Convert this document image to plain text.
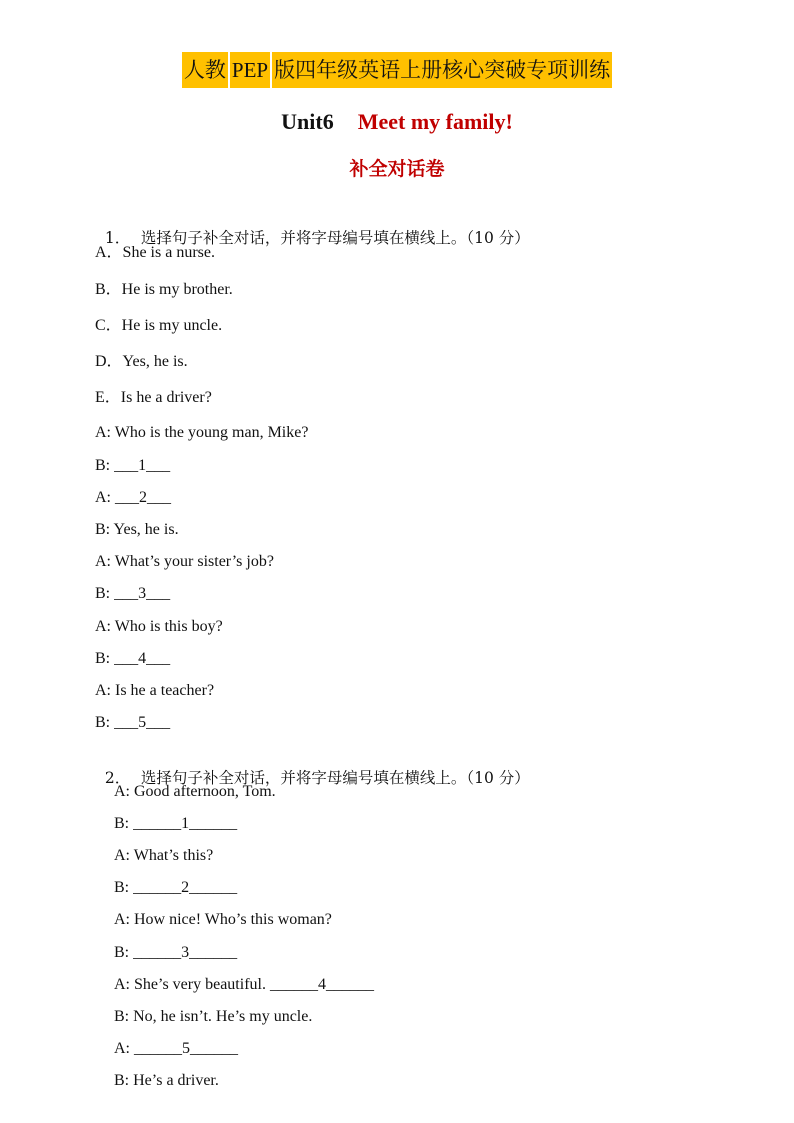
人教 PEP 版四年级英语上册核心突破专项训练
Unit6 Meet my family!
补全对话卷

1． 选择句子补全对话，并将字母编号填在横线上。（10 分）

A．She is a nurse.
B．He is my brother.
C．He is my uncle.
D．Yes, he is.
E．Is he a driver?
A: Who is the young man, Mike?
B: ___1___
A: ___2___
B: Yes, he is.
A: What’s your sister’s job?
B: ___3___
A: Who is this boy?
B: ___4___
A: Is he a teacher?
B: ___5___

2． 选择句子补全对话，并将字母编号填在横线上。（10 分）

A: Good afternoon, Tom.
B: ______1______
A: What’s this?
B: ______2______
A: How nice! Who’s this woman?
B: ______3______
A: She’s very beautiful. ______4______
B: No, he isn’t. He’s my uncle.
A: ______5______
B: He’s a driver.
